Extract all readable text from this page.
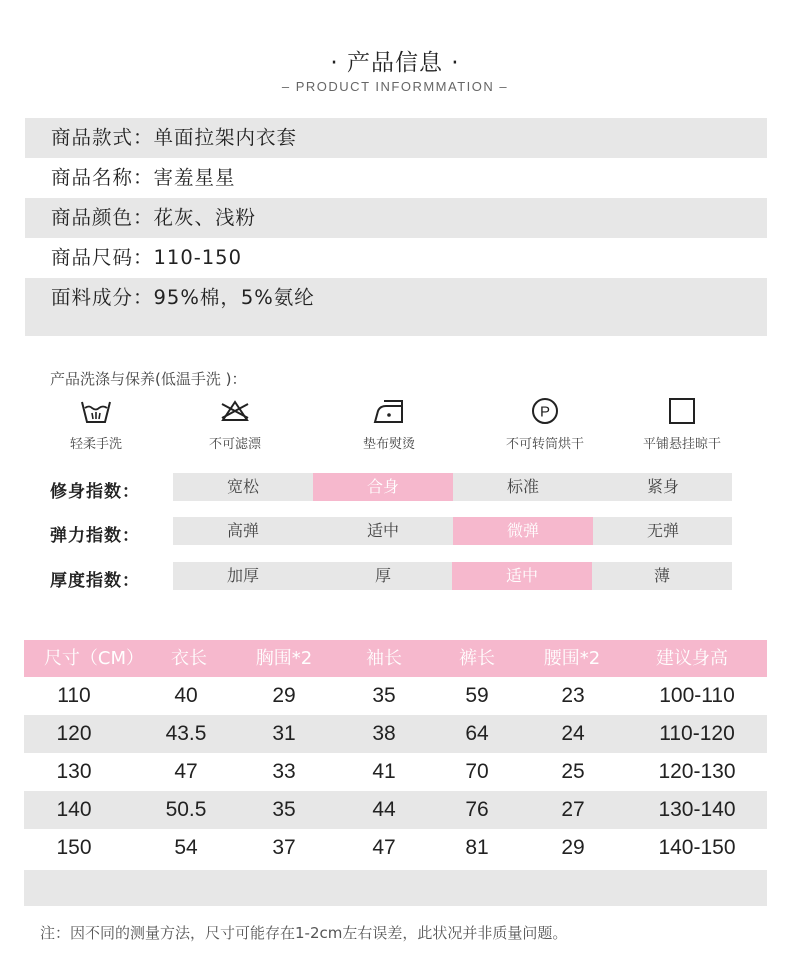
· 产品信息 ·
– PRODUCT INFORMMATION –
商品款式：单面拉架内衣套
商品名称：害羞星星
商品颜色：花灰、浅粉
商品尺码：110-150
面料成分：95%棉，5%氨纶
产品洗涤与保养(低温手洗 )：
轻柔手洗	不可滤漂	垫布熨烫
P
不可转筒烘干	平铺悬挂晾干
修身指数：	宽松	合身	标准	紧身
弹力指数：	高弹	适中	微弹	无弹
厚度指数：	加厚	厚	适中	薄
尺寸（CM）	衣长	胸围*2	袖长	裤长	腰围*2	建议身高
110	40	29	35	59	23	100-110
120	43.5	31	38	64	24	110-120
130	47	33	41	70	25	120-130
140	50.5	35	44	76	27	130-140
150	54	37	47	81	29	140-150
注：因不同的测量方法，尺寸可能存在1-2cm左右误差，此状况并非质量问题。
